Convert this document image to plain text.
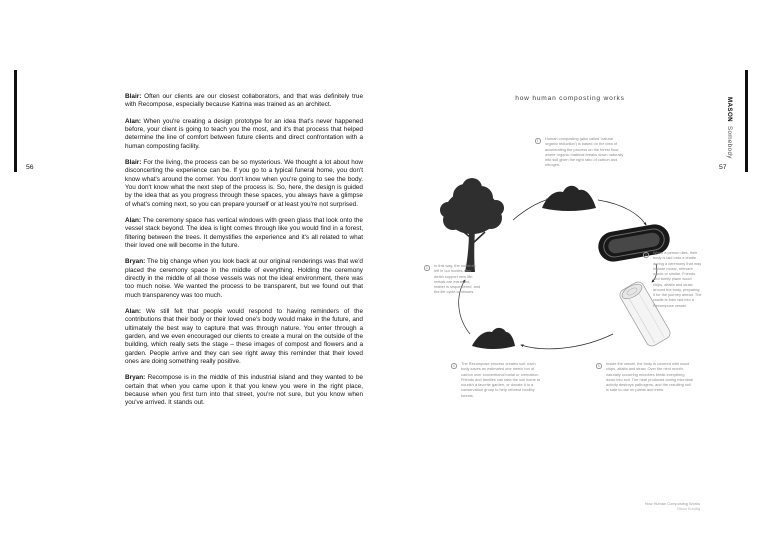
56	57
MASON Somebody

Blair: Often our clients are our closest collaborators, and that was definitely true with Recompose, especially because Katrina was trained as an architect.

Alan: When you're creating a design prototype for an idea that's never happened before, your client is going to teach you the most, and it's that process that helped determine the line of comfort between future clients and direct confrontation with a human composting facility.

Blair: For the living, the process can be so mysterious. We thought a lot about how disconcerting the experience can be. If you go to a typical funeral home, you don't know what's around the corner. You don't know when you're going to see the body. You don't know what the next step of the process is. So, here, the design is guided by the idea that as you progress through these spaces, you always have a glimpse of what's coming next, so you can prepare yourself or at least you're not surprised.

Alan: The ceremony space has vertical windows with green glass that look onto the vessel stack beyond. The idea is light comes through like you would find in a forest, filtering between the trees. It demystifies the experience and it's all related to what their loved one will become in the future.

Bryan: The big change when you look back at our original renderings was that we'd placed the ceremony space in the middle of everything. Holding the ceremony directly in the middle of all those vessels was not the ideal environment, there was too much noise. We wanted the process to be transparent, but we found out that much transparency was too much.

Alan: We still felt that people would respond to having reminders of the contributions that their body or their loved one's body would make in the future, and ultimately the best way to capture that was through nature. You enter through a garden, and we even encouraged our clients to create a mural on the outside of the building, which really sets the stage – these images of compost and flowers and a garden. People arrive and they can see right away this reminder that their loved ones are doing something really positive.

Bryan: Recompose is in the middle of this industrial island and they wanted to be certain that when you came upon it that you knew you were in the right place, because when you first turn into that street, you're not sure, but you know when you've arrived. It stands out.

how human composting works
1	Human composting (also called 'natural organic reduction') is based on the idea of accelerating the process on the forest floor, where organic material breaks down naturally into soil given the right ratio of carbon and nitrogen.
2	In this way, the nutrients left in our bodies after death support new life: metals are extracted, matter is sequestered, and the life cycle continues.
3	When a person dies, their body is laid onto a cradle during a ceremony that may include music, relevant words or similar. Friends and family place wood chips, alfalfa and straw around the body, preparing it for the journey ahead. The cradle is then laid into a Recompose vessel.
4	The Recompose process creates soil: each body saves an estimated one metric ton of carbon over conventional burial or cremation. Friends and families can take the soil home to nourish a favorite garden, or donate it to a conservation group to help reforest healthy forests.
5	Inside the vessel, the body is covered with wood chips, alfalfa and straw. Over the next month, naturally occurring microbes break everything down into soil. The heat produced during microbial activity destroys pathogens, and the resulting soil is safe to use on plants and trees.
How Human Composting Works
Olson Kundig
